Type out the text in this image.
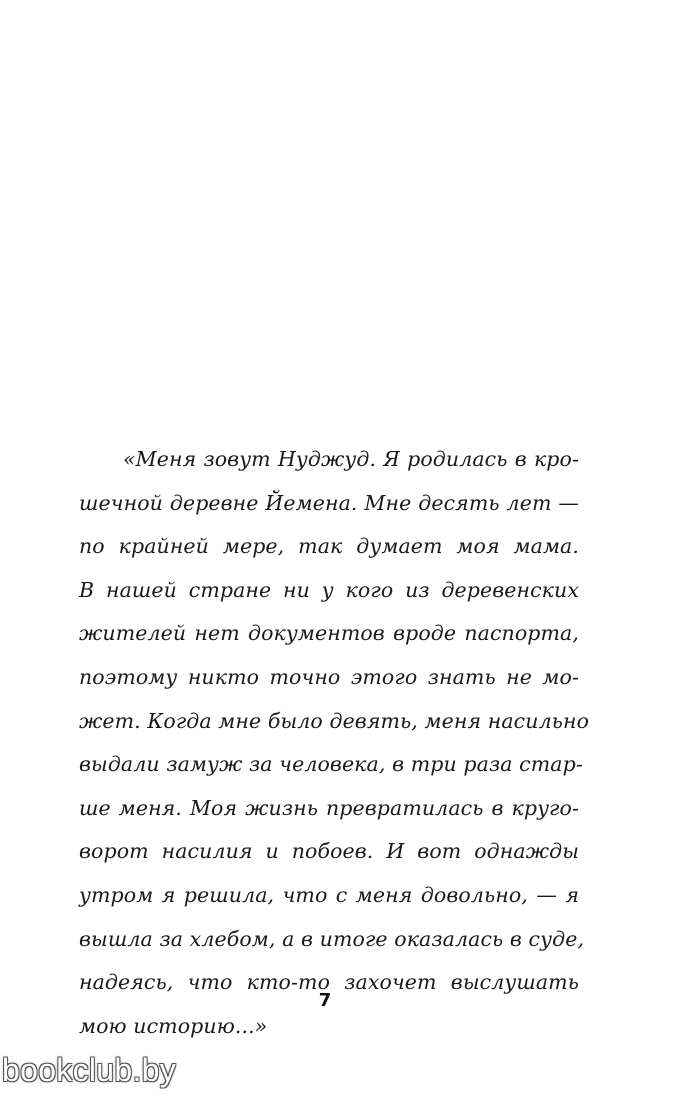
«Меня зовут Нуджуд. Я родилась в кро-
шечной деревне Йемена. Мне десять лет —
по крайней мере, так думает моя мама.
В нашей стране ни у кого из деревенских
жителей нет документов вроде паспорта,
поэтому никто точно этого знать не мо-
жет. Когда мне было девять, меня насильно
выдали замуж за человека, в три раза стар-
ше меня. Моя жизнь превратилась в круго-
ворот насилия и побоев. И вот однажды
утром я решила, что с меня довольно, — я
вышла за хлебом, а в итоге оказалась в суде,
надеясь, что кто-то захочет выслушать
мою историю...»
7
bookclub.by
